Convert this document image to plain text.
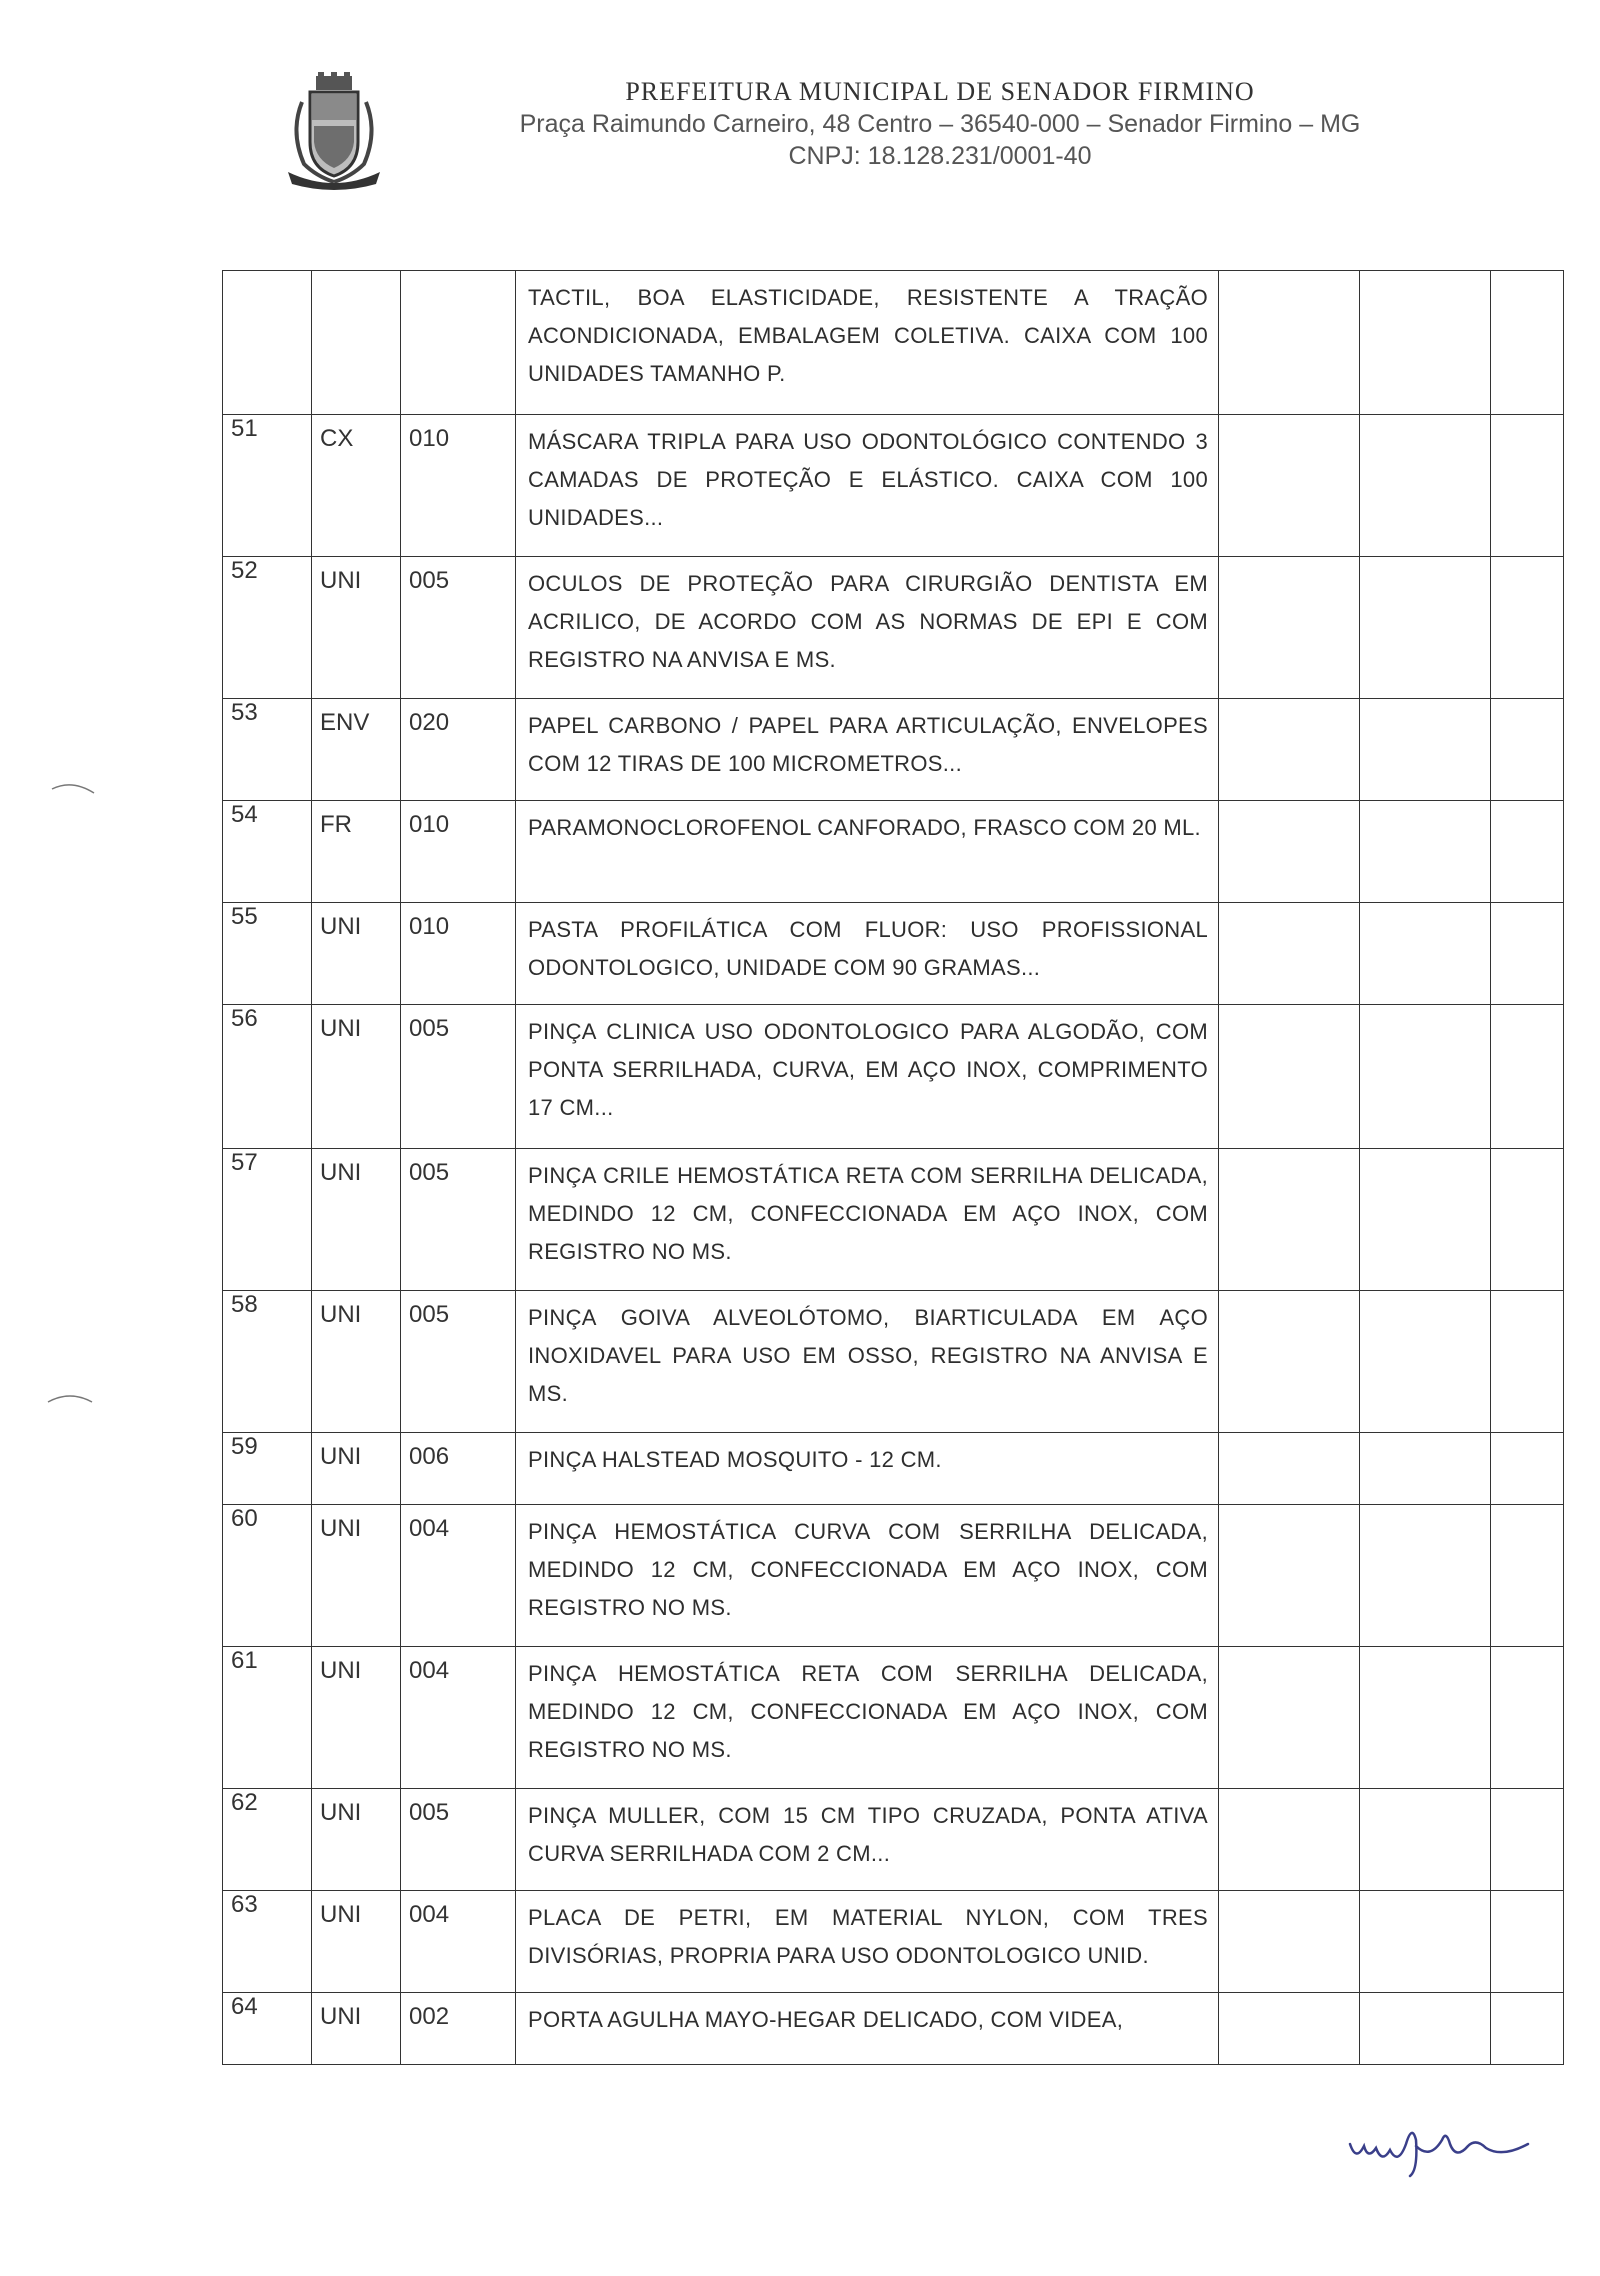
PREFEITURA MUNICIPAL DE SENADOR FIRMINO
Praça Raimundo Carneiro, 48 Centro – 36540-000 – Senador Firmino – MG
CNPJ: 18.128.231/0001-40
			TACTIL, BOA ELASTICIDADE, RESISTENTE A TRAÇÃO ACONDICIONADA, EMBALAGEM COLETIVA. CAIXA COM 100 UNIDADES TAMANHO P.			
51	CX	010	MÁSCARA TRIPLA PARA USO ODONTOLÓGICO CONTENDO 3 CAMADAS DE PROTEÇÃO E ELÁSTICO. CAIXA COM 100 UNIDADES...			
52	UNI	005	OCULOS DE PROTEÇÃO PARA CIRURGIÃO DENTISTA EM ACRILICO, DE ACORDO COM AS NORMAS DE EPI E COM REGISTRO NA ANVISA E MS.			
53	ENV	020	PAPEL CARBONO / PAPEL PARA ARTICULAÇÃO, ENVELOPES COM 12 TIRAS DE 100 MICROMETROS...			
54	FR	010	PARAMONOCLOROFENOL CANFORADO, FRASCO COM 20 ML.			
55	UNI	010	PASTA PROFILÁTICA COM FLUOR: USO PROFISSIONAL ODONTOLOGICO, UNIDADE COM 90 GRAMAS...			
56	UNI	005	PINÇA CLINICA USO ODONTOLOGICO PARA ALGODÃO, COM PONTA SERRILHADA, CURVA, EM AÇO INOX, COMPRIMENTO 17 CM...			
57	UNI	005	PINÇA CRILE HEMOSTÁTICA RETA COM SERRILHA DELICADA, MEDINDO 12 CM, CONFECCIONADA EM AÇO INOX, COM REGISTRO NO MS.			
58	UNI	005	PINÇA GOIVA ALVEOLÓTOMO, BIARTICULADA EM AÇO INOXIDAVEL PARA USO EM OSSO, REGISTRO NA ANVISA E MS.			
59	UNI	006	PINÇA HALSTEAD MOSQUITO - 12 CM.			
60	UNI	004	PINÇA HEMOSTÁTICA CURVA COM SERRILHA DELICADA, MEDINDO 12 CM, CONFECCIONADA EM AÇO INOX, COM REGISTRO NO MS.			
61	UNI	004	PINÇA HEMOSTÁTICA RETA COM SERRILHA DELICADA, MEDINDO 12 CM, CONFECCIONADA EM AÇO INOX, COM REGISTRO NO MS.			
62	UNI	005	PINÇA MULLER, COM 15 CM TIPO CRUZADA, PONTA ATIVA CURVA SERRILHADA COM 2 CM...			
63	UNI	004	PLACA DE PETRI, EM MATERIAL NYLON, COM TRES DIVISÓRIAS, PROPRIA PARA USO ODONTOLOGICO UNID.			
64	UNI	002	PORTA AGULHA MAYO-HEGAR DELICADO, COM VIDEA,			
